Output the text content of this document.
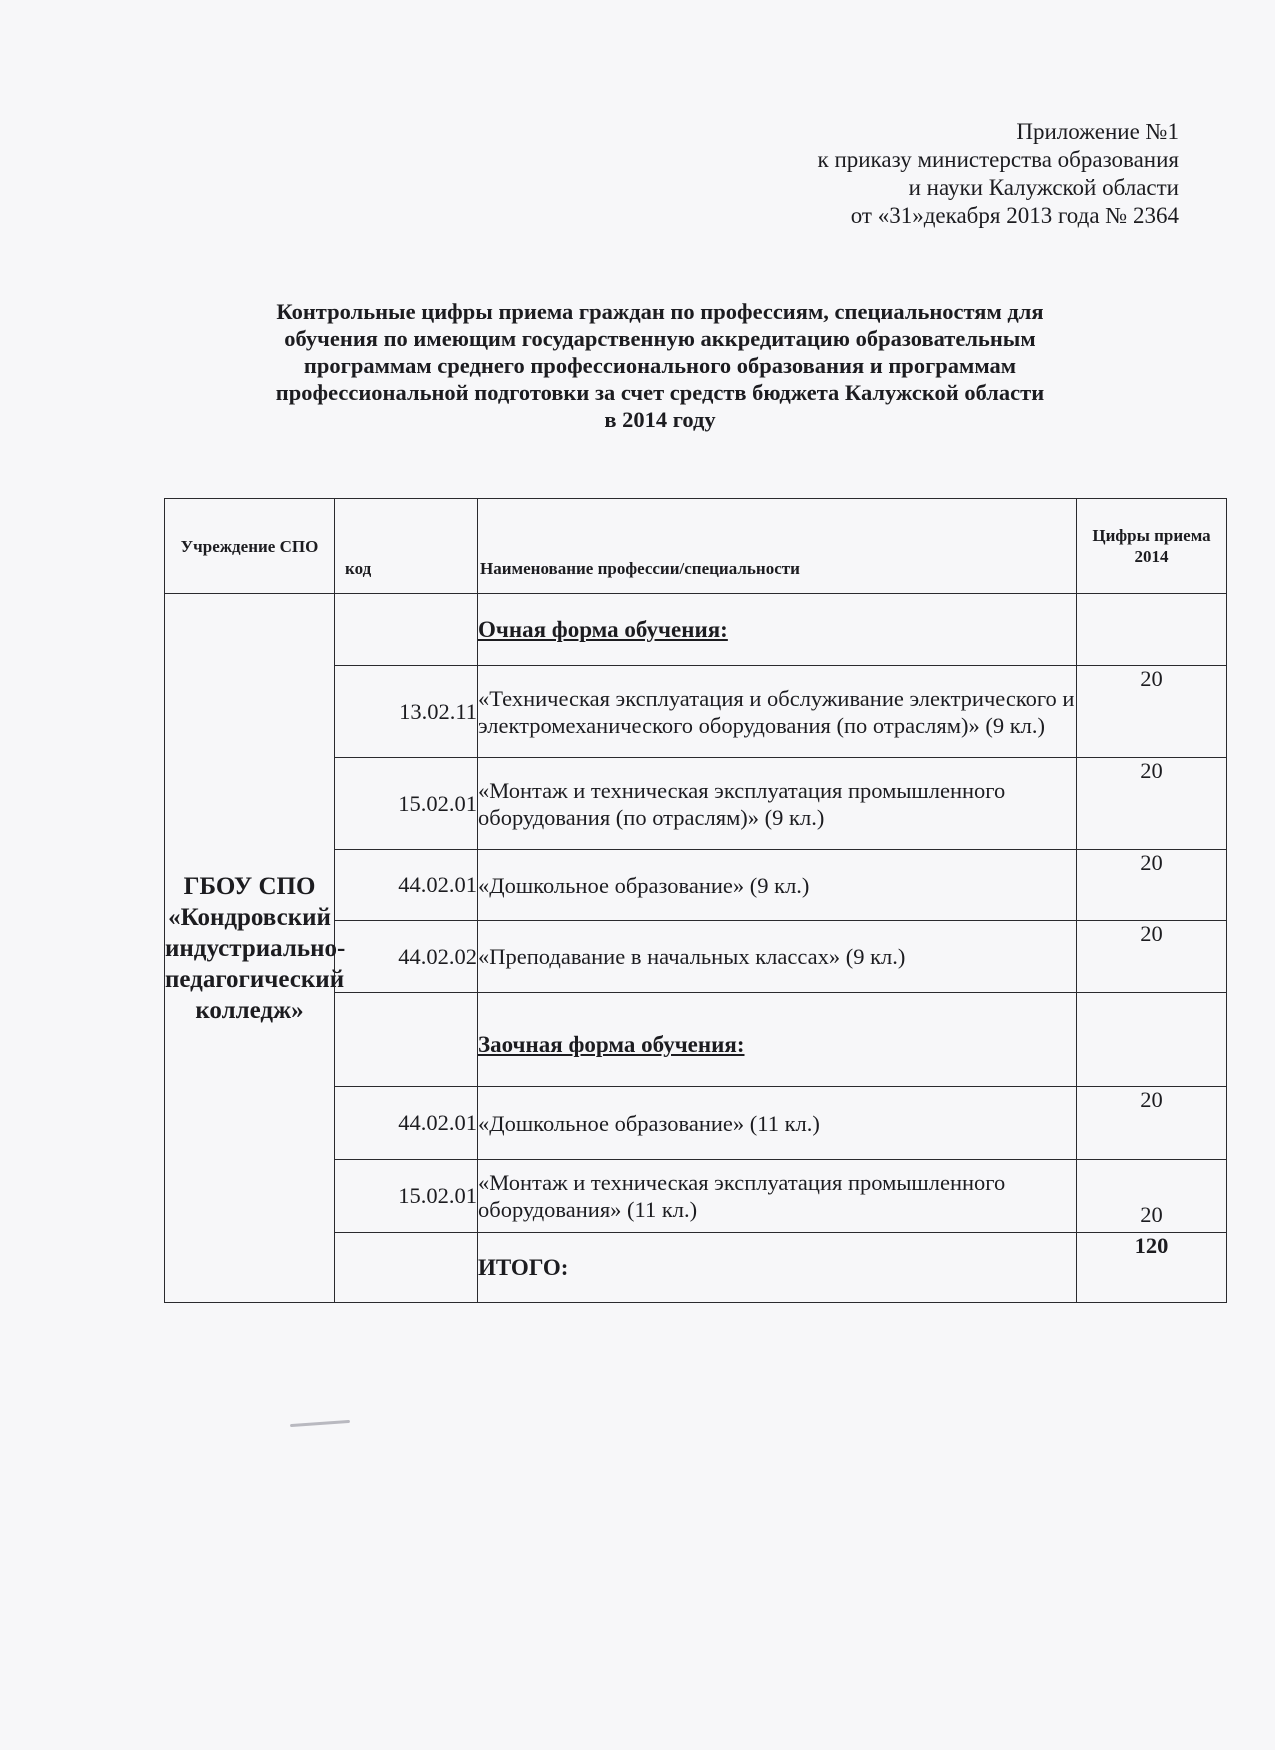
Приложение №1
к приказу министерства образования
и науки Калужской области
от «31»декабря 2013 года № 2364
Контрольные цифры приема граждан по профессиям, специальностям для
обучения по имеющим государственную аккредитацию образовательным
программам среднего профессионального образования и программам
профессиональной подготовки за счет средств бюджета Калужской области
в 2014 году
Учреждение СПО	код	Наименование профессии/специальности	Цифры приема 2014
ГБОУ СПО «Кондровский индустриально-педагогический колледж»		Очная форма обучения:	
	13.02.11	«Техническая эксплуатация и обслуживание электрического и электромеханического оборудования (по отраслям)» (9 кл.)	20
	15.02.01	«Монтаж и техническая эксплуатация промышленного оборудования (по отраслям)» (9 кл.)	20
	44.02.01	«Дошкольное образование» (9 кл.)	20
	44.02.02	«Преподавание в начальных классах» (9 кл.)	20
		Заочная форма обучения:	
	44.02.01	«Дошкольное образование» (11 кл.)	20
	15.02.01	«Монтаж и техническая эксплуатация промышленного оборудования» (11 кл.)	20
		ИТОГО:	120
